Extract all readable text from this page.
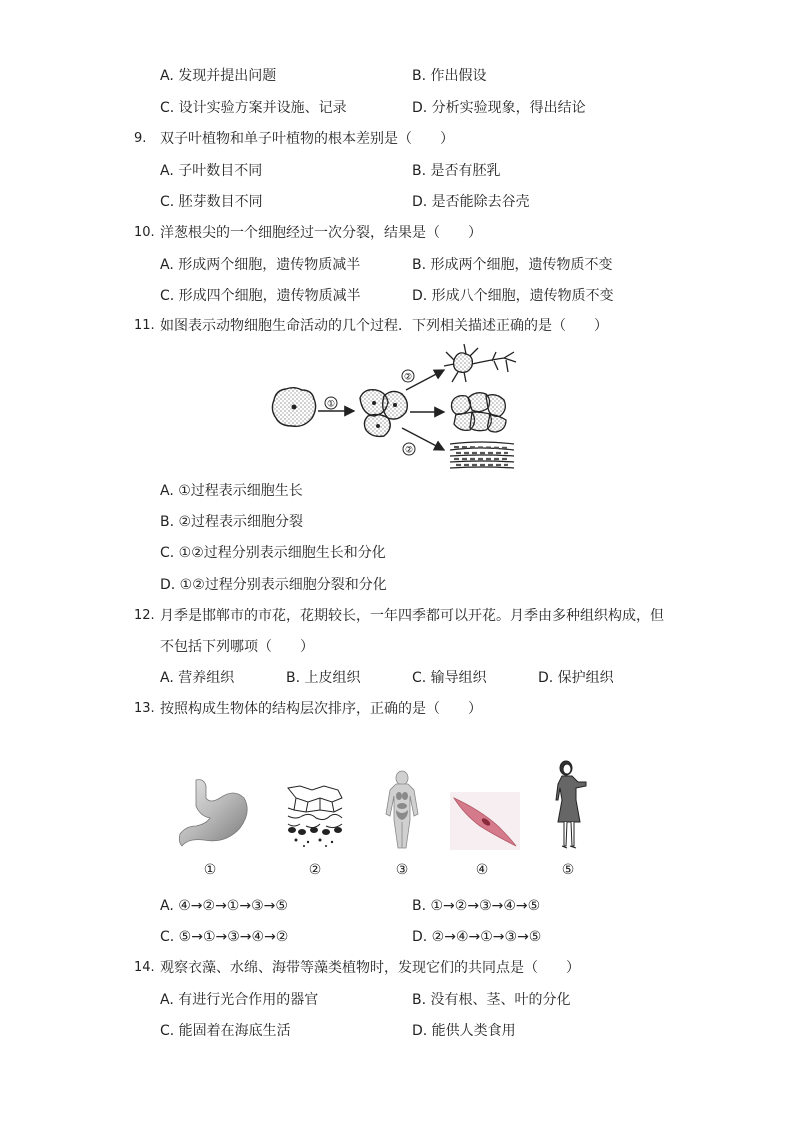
A. 发现并提出问题	B. 作出假设
C. 设计实验方案并设施、记录	D. 分析实验现象，得出结论
9. 双子叶植物和单子叶植物的根本差别是（　　）
A. 子叶数目不同	B. 是否有胚乳
C. 胚芽数目不同	D. 是否能除去谷壳
10. 洋葱根尖的一个细胞经过一次分裂，结果是（　　）
A. 形成两个细胞，遗传物质减半	B. 形成两个细胞，遗传物质不变
C. 形成四个细胞，遗传物质减半	D. 形成八个细胞，遗传物质不变
11. 如图表示动物细胞生命活动的几个过程．下列相关描述正确的是（　　）
①
②
②
A. ①过程表示细胞生长
B. ②过程表示细胞分裂
C. ①②过程分别表示细胞生长和分化
D. ①②过程分别表示细胞分裂和分化
12. 月季是邯郸市的市花，花期较长，一年四季都可以开花。月季由多种组织构成，但
不包括下列哪项（　　）
A. 营养组织	B. 上皮组织	C. 输导组织	D. 保护组织
13. 按照构成生物体的结构层次排序，正确的是（　　）
①	②	③	④	⑤
A. ④→②→①→③→⑤	B. ①→②→③→④→⑤
C. ⑤→①→③→④→②	D. ②→④→①→③→⑤
14. 观察衣藻、水绵、海带等藻类植物时，发现它们的共同点是（　　）
A. 有进行光合作用的器官	B. 没有根、茎、叶的分化
C. 能固着在海底生活	D. 能供人类食用
